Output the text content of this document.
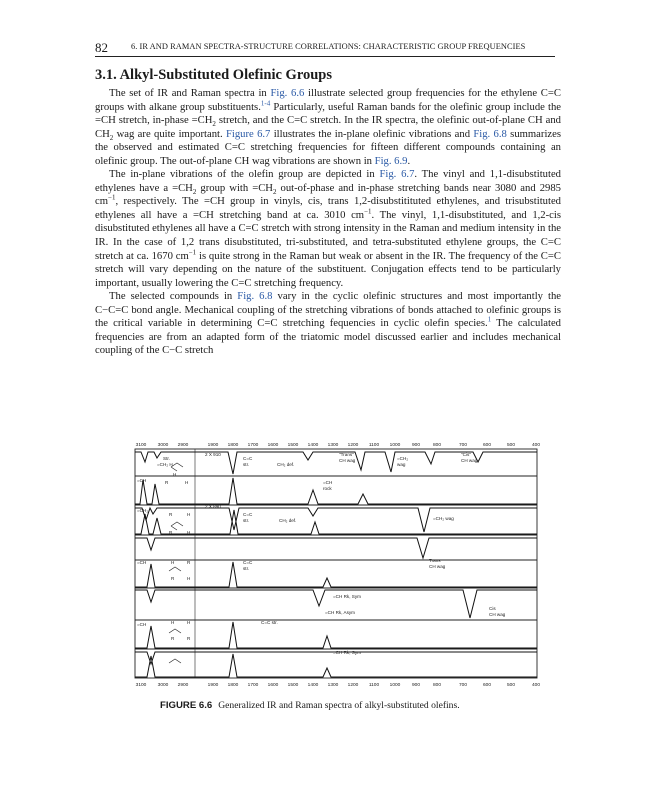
82	6. IR AND RAMAN SPECTRA-STRUCTURE CORRELATIONS: CHARACTERISTIC GROUP FREQUENCIES
3.1. Alkyl-Substituted Olefinic Groups

The set of IR and Raman spectra in Fig. 6.6 illustrate selected group frequencies for the ethylene C=C groups with alkane group substituents.$^{1-4}$ Particularly, useful Raman bands for the olefinic group include the =CH stretch, in-phase $=CH_2$ stretch, and the C=C stretch. In the IR spectra, the olefinic out-of-plane CH and $CH_2$ wag are quite important. Figure 6.7 illustrates the in-plane olefinic vibrations and Fig. 6.8 summarizes the observed and estimated C=C stretching frequencies for fifteen different compounds containing an olefinic group. The out-of-plane CH wag vibrations are shown in Fig. 6.9.

The in-plane vibrations of the olefin group are depicted in Fig. 6.7. The vinyl and 1,1-disubstituted ethylenes have $a =CH_2$ group with $=CH_2$ out-of-phase and in-phase stretching bands near 3080 and 2985 $cm^{-1}$, respectively. The =CH group in vinyls, cis, trans 1,2-disubstitituted ethylenes, and trisubstituted ethylenes all have a =CH stretching band at ca. 3010 $cm^{-1}$. The vinyl, 1,1-disubstituted, and 1,2-cis disubstituted ethylenes all have a C=C stretch with strong intensity in the Raman and medium intensity in the IR. In the case of 1,2 trans disubstituted, tri-substituted, and tetra-substituted ethylene groups, the C=C stretch at ca. 1670 $cm^{-1}$ is quite strong in the Raman but weak or absent in the IR. The frequency of the C=C stretch will vary depending on the nature of the substituent. Conjugation effects tend to be particularly important, usually lowering the C=C stretching frequency.

The selected compounds in Fig. 6.8 vary in the cyclic olefinic structures and most importantly the C−C=C bond angle. Mechanical coupling of the stretching vibrations of bonds attached to olefinic groups is the critical variable in determining C=C stretching fequencies in cyclic olefin species.$^1$ The calculated frequencies are from an adapted form of the triatomic model discussed earlier and includes mechanical coupling of the C−C stretch

3100 3000 2900	1900 1800 1700 1600 1500 1400 1300 1200 1100 1000 900	800	700	600	500	400
3100 3000 2900	1900 1800 1700 1600 1500 1400 1300 1200 1100 1000 900	800	700	600	500	400
Str.
=CH₂ H
=CH
H
R	H
2 X 910
C=C
str.	CH₂ def.
"Trans"
CH wag	=CH₂
wag
"Cis"
CH wag
=CH
rock
=CH₂
R	H
R	H
2 X 890
C=C
str.	CH₂ def.	=CH₂ wag
=CH	H	R
R	H
C=C
str.
Trans
CH wag
=CH Rk, Sym
=CH Rk, Asym
=CH	H	H
R	R
C=C str.
Cis
CH wag
=CH Rk, Sym
FIGURE 6.6 Generalized IR and Raman spectra of alkyl-substituted olefins.
